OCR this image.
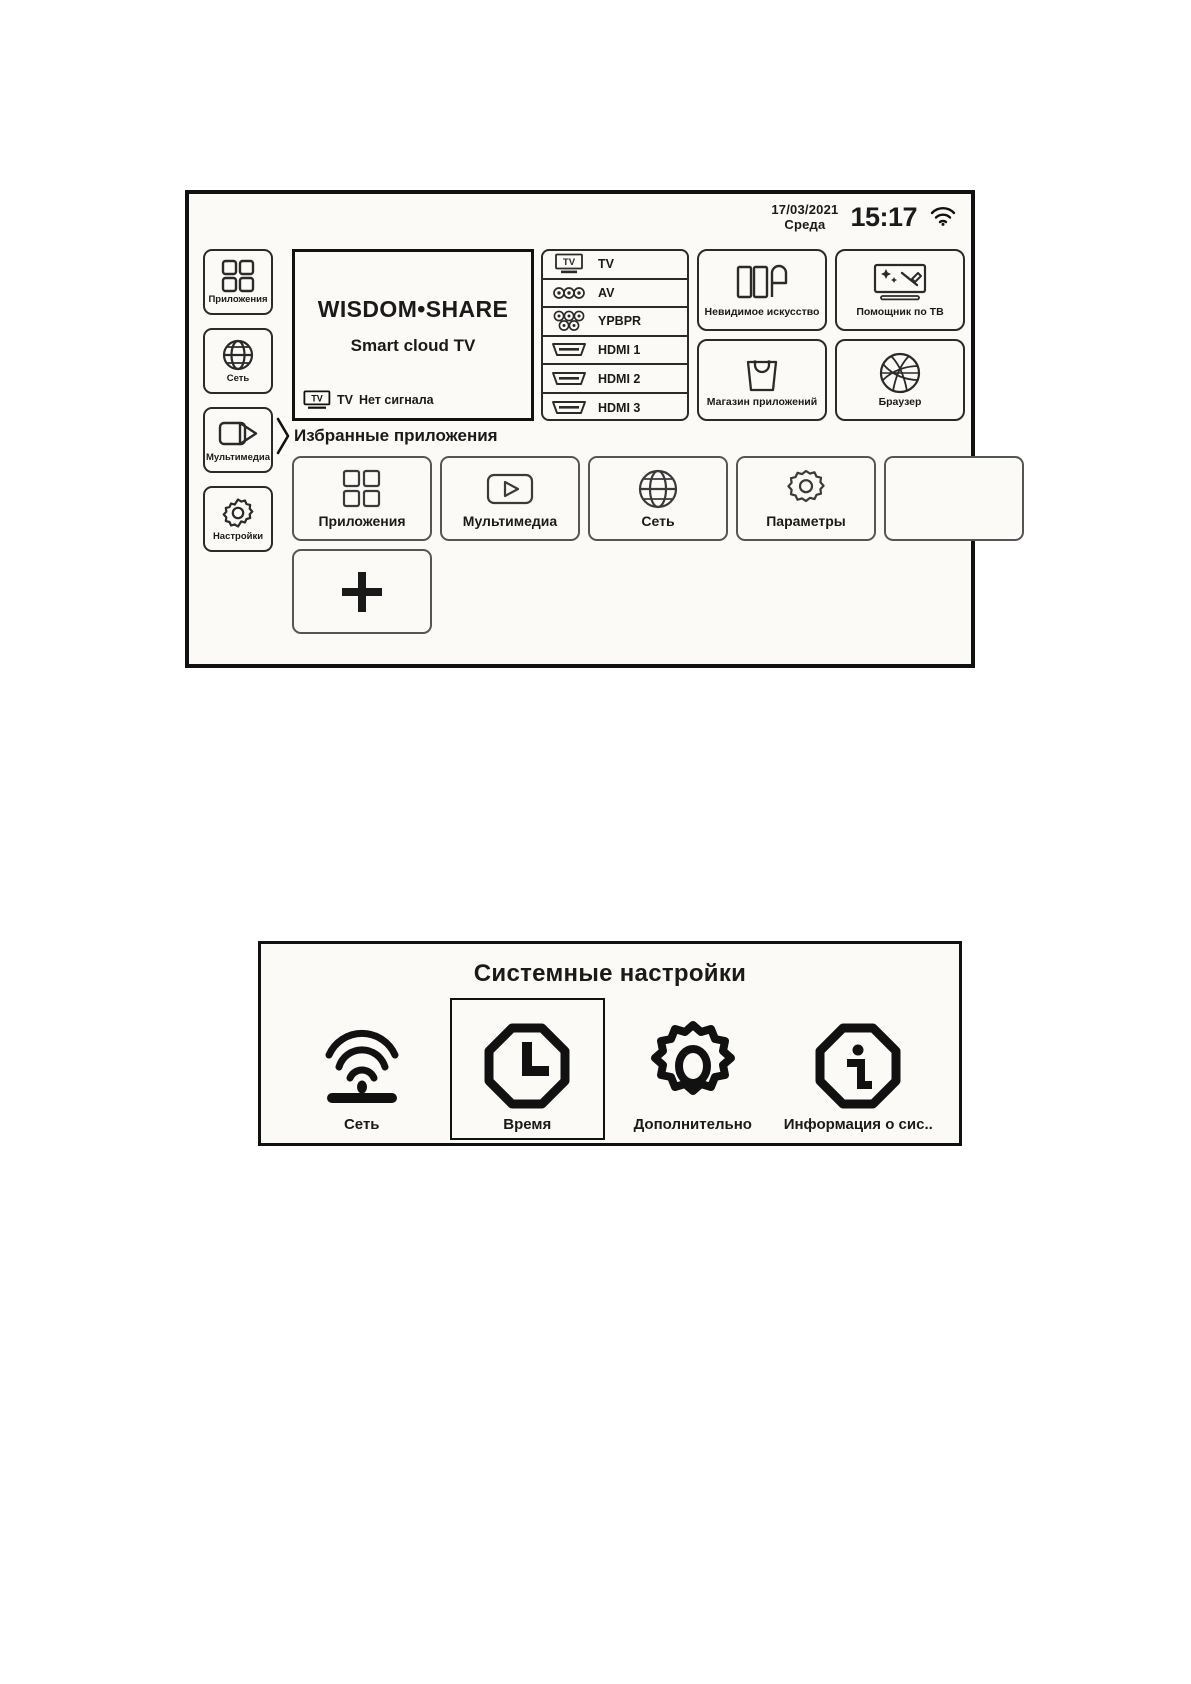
17/03/2021
Среда 15:17
Приложения
Сеть
Мультимедиа
Настройки
WISDOM•SHARE
Smart cloud TV
TV TV Нет сигнала
TV TV
AV
YPBPR
HDMI 1
HDMI 2
HDMI 3
Невидимое искусство	Помощник по ТВ
Магазин приложений	Браузер
Избранные приложения
Приложения	Мультимедиа	Сеть	Параметры
Системные настройки
Сеть	Время	Дополнительно Информация о сис..
